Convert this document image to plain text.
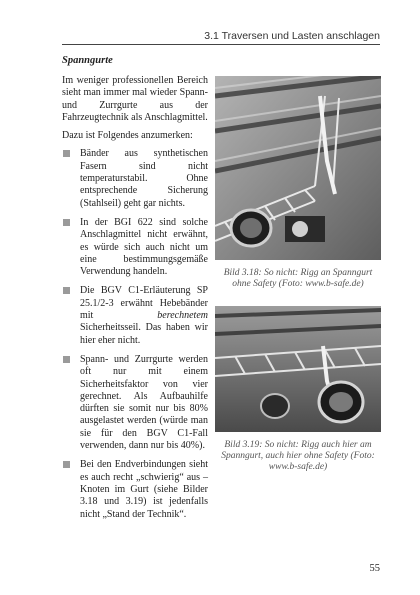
3.1 Traversen und Lasten anschlagen

Spanngurte

Im weniger professionellen Bereich sieht man immer mal wieder Spann- und Zurrgurte aus der Fahrzeugtechnik als Anschlagmittel.

Dazu ist Folgendes anzumerken:

Bänder aus synthetischen Fasern sind nicht temperaturstabil. Ohne entsprechende Sicherung (Stahlseil) geht gar nichts.
In der BGI 622 sind solche Anschlagmittel nicht erwähnt, es würde sich auch nicht um eine bestimmungsgemäße Verwendung handeln.
Die BGV C1-Erläuterung SP 25.1/2-3 erwähnt Hebebänder mit berechnetem Sicherheitsseil. Das haben wir hier eher nicht.
Spann- und Zurrgurte werden oft nur mit einem Sicherheitsfaktor von vier gerechnet. Als Aufbauhilfe dürften sie somit nur bis 80% ausgelastet werden (würde man sie für den BGV C1-Fall verwenden, dann nur bis 40%).
Bei den Endverbindungen sieht es auch recht „schwierig“ aus – Knoten im Gurt (siehe Bilder 3.18 und 3.19) ist jedenfalls nicht „Stand der Technik“.
Bild 3.18: So nicht: Rigg an Spanngurt ohne Safety (Foto: www.b-safe.de)
Bild 3.19: So nicht: Rigg auch hier am Spanngurt, auch hier ohne Safety (Foto: www.b-safe.de)
55
